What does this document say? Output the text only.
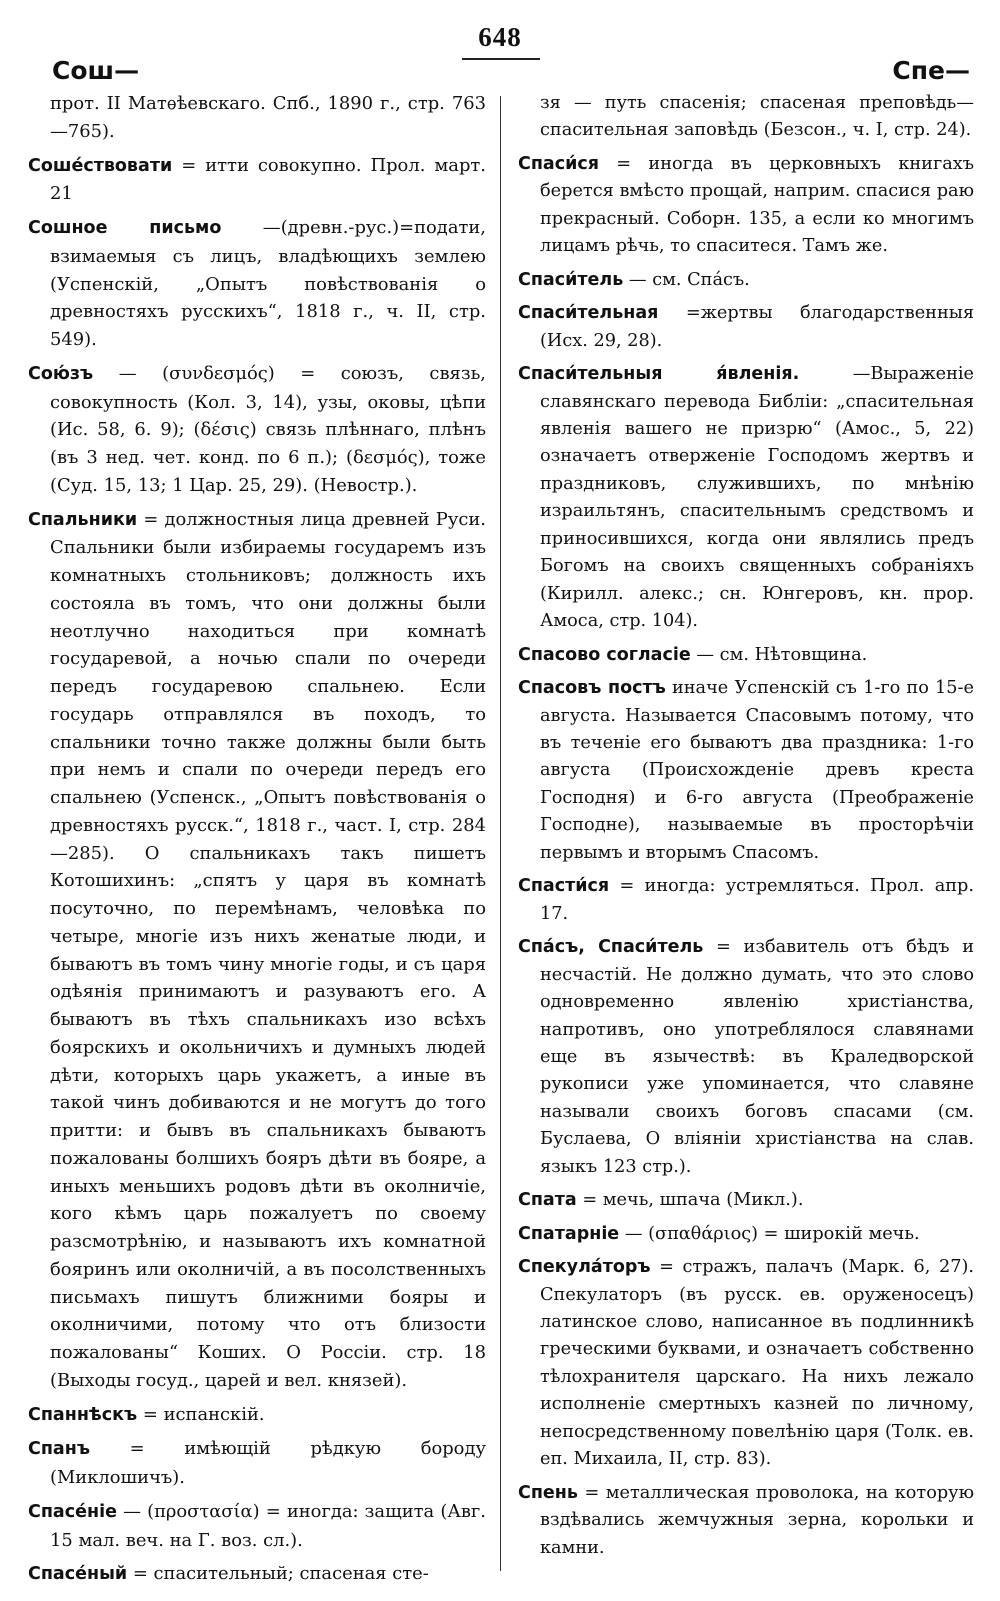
648
Сош—	Спе—

прот. II Матѳѣевскаго. Спб., 1890 г., стр. 763—765).

Сошéствовати = итти совокупно. Прол. март. 21

Сошное письмо —(древн.-рус.)=подати, взимаемыя съ лицъ, владѣющихъ землею (Успенскій, „Опытъ повѣствованія о древностяхъ русскихъ“, 1818 г., ч. II, стр. 549).

Сою́зъ — (συνδεσμός) = союзъ, связь, совокупность (Кол. 3, 14), узы, оковы, цѣпи (Ис. 58, 6. 9); (δέσις) связь плѣннаго, плѣнъ (въ 3 нед. чет. конд. по 6 п.); (δεσμός), тоже (Суд. 15, 13; 1 Цар. 25, 29). (Невостр.).

Спальники = должностныя лица древней Руси. Спальники были избираемы государемъ изъ комнатныхъ стольниковъ; должность ихъ состояла въ томъ, что они должны были неотлучно находиться при комнатѣ государевой, а ночью спали по очереди передъ государевою спальнею. Если государь отправлялся въ походъ, то спальники точно также должны были быть при немъ и спали по очереди передъ его спальнею (Успенск., „Опытъ повѣствованія о древностяхъ русск.“, 1818 г., част. I, стр. 284—285). О спальникахъ такъ пишетъ Котошихинъ: „спятъ у царя въ комнатѣ посуточно, по перемѣнамъ, человѣка по четыре, многіе изъ нихъ женатые люди, и бываютъ въ томъ чину многіе годы, и съ царя одѣянія принимаютъ и разуваютъ его. А бываютъ въ тѣхъ спальникахъ изо всѣхъ боярскихъ и окольничихъ и думныхъ людей дѣти, которыхъ царь укажетъ, а иные въ такой чинъ добиваются и не могутъ до того притти: и бывъ въ спальникахъ бываютъ пожалованы болшихъ бояръ дѣти въ бояре, а иныхъ меньшихъ родовъ дѣти въ околничіе, кого кѣмъ царь пожалуетъ по своему разсмотрѣнію, и называютъ ихъ комнатной бояринъ или околничій, а въ посолственныхъ письмахъ пишутъ ближними бояры и околничими, потому что отъ близости пожалованы“ Коших. О Россіи. стр. 18 (Выходы госуд., царей и вел. князей).

Спаннѣскъ = испанскій.

Спанъ = имѣющій рѣдкую бороду (Миклошичъ).

Спасéніе — (προστασία) = иногда: защита (Авг. 15 мал. веч. на Г. воз. сл.).

Спасéный = спасительный; спасеная сте-

зя — путь спасенія; спасеная преповѣдь—спасительная заповѣдь (Безсон., ч. I, стр. 24).

Спаси́ся = иногда въ церковныхъ книгахъ берется вмѣсто прощай, наприм. спасися раю прекрасный. Соборн. 135, а если ко многимъ лицамъ рѣчь, то спаситеся. Тамъ же.

Спаси́тель — см. Спа́съ.

Спаси́тельная =жертвы благодарственныя (Исх. 29, 28).

Спаси́тельныя я́вленія.	—Выраженіе славянскаго перевода Библіи: „спасительная явленія вашего не призрю“ (Амос., 5, 22) означаетъ отверженіе Господомъ жертвъ и праздниковъ, служившихъ, по мнѣнію израильтянъ, спасительнымъ средствомъ и приносившихся, когда они являлись предъ Богомъ на своихъ священныхъ собраніяхъ (Кирилл. алекс.; сн. Юнгеровъ, кн. прор. Амоса, стр. 104).

Спасово согласіе — см. Нѣтовщина.

Спасовъ постъ иначе Успенскій съ 1-го по 15-е августа. Называется Спасовымъ потому, что въ теченіе его бываютъ два праздника: 1-го августа (Происхожденіе древъ креста Господня) и 6-го августа (Преображеніе Господне), называемые въ просторѣчіи первымъ и вторымъ Спасомъ.

Спасти́ся = иногда: устремляться. Прол. апр. 17.

Спа́съ, Спаси́тель = избавитель отъ бѣдъ и несчастій. Не должно думать, что это слово одновременно явленію христіанства, напротивъ, оно употреблялося славянами еще въ язычествѣ: въ Краледворской рукописи уже упоминается, что славяне называли своихъ боговъ спасами (см. Буслаева, О вліяніи христіанства на слав. языкъ 123 стр.).

Спата = мечь, шпача (Микл.).

Спатарніе — (σπαθάριος) = широкій мечь.

Спекула́торъ = стражъ, палачъ (Марк. 6, 27). Спекулаторъ (въ русск. ев. оруженосецъ) латинское слово, написанное въ подлинникѣ греческими буквами, и означаетъ собственно тѣлохранителя царскаго. На нихъ лежало исполненіе смертныхъ казней по личному, непосредственному повелѣнію царя (Толк. ев. еп. Михаила, II, стр. 83).

Спень = металлическая проволока, на которую вздѣвались жемчужныя зерна, корольки и камни.
